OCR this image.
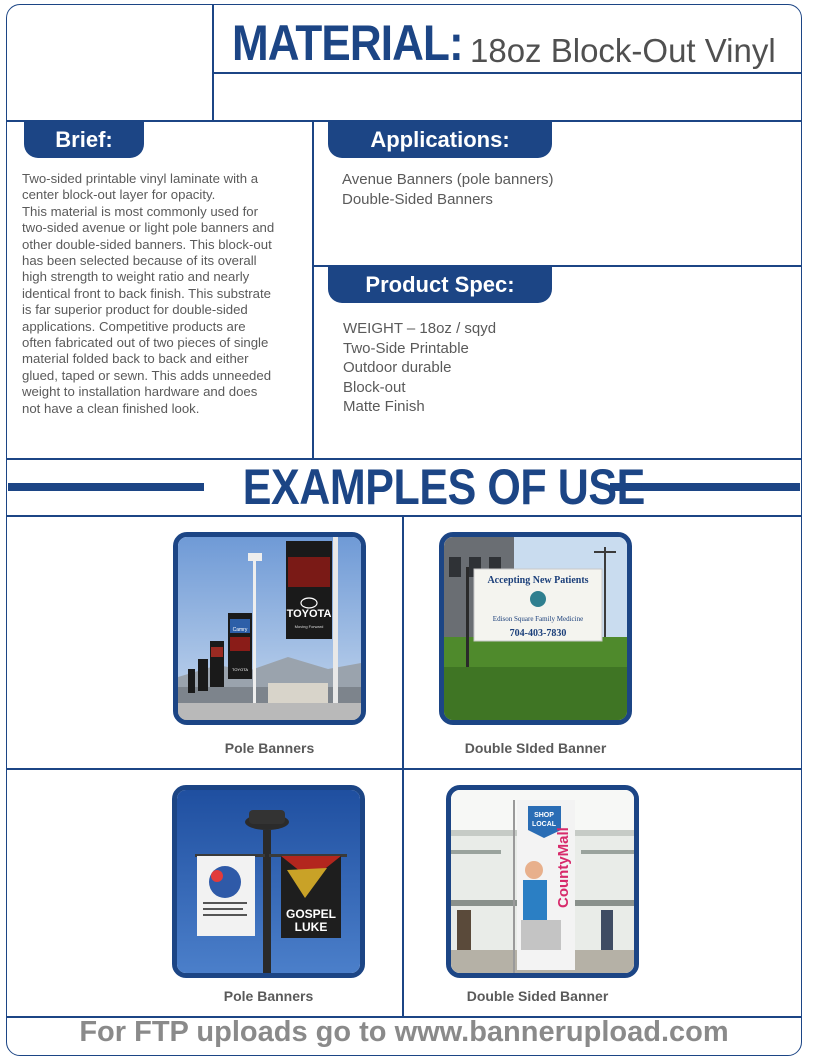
MATERIAL: 18oz Block-Out Vinyl
Brief:
Two-sided printable vinyl laminate with a
center block-out layer for opacity.
This material is most commonly used for
two-sided avenue or light pole banners and
other double-sided banners. This block-out
has been selected because of its overall
high strength to weight ratio and nearly
identical front to back finish. This substrate
is far superior product for double-sided
applications. Competitive products are
often fabricated out of two pieces of single
material folded back to back and either
glued, taped or sewn. This adds unneeded
weight to installation hardware and does
not have a clean finished look.
Applications:
Avenue Banners (pole banners)
Double-Sided Banners
Product Spec:
WEIGHT – 18oz / sqyd
Two-Side Printable
Outdoor durable
Block-out
Matte Finish
EXAMPLES OF USE
TOYOTA
Moving Forward
Camry
TOYOTA
Pole Banners
Accepting New Patients
Edison Square Family Medicine
704-403-7830
Double SIded Banner
GOSPEL
LUKE
Pole Banners
SHOP
LOCAL
CountyMall
Double Sided Banner
For FTP uploads go to www.bannerupload.com
